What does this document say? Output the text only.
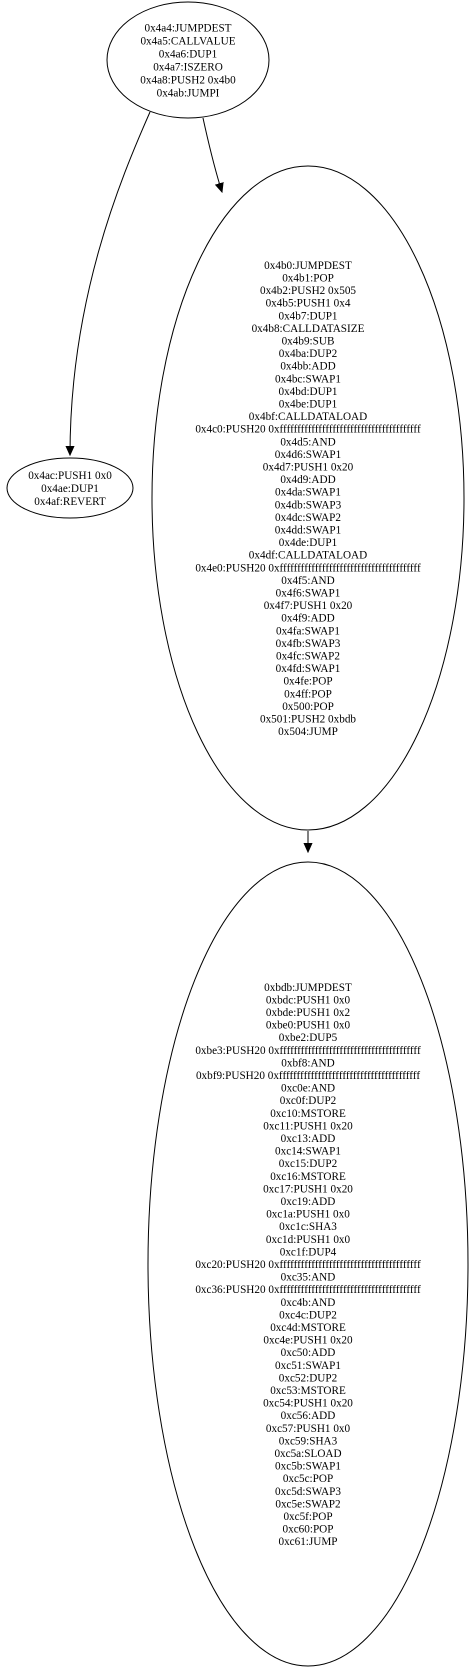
0x4a4:JUMPDEST 0x4a5:CALLVALUE 0x4a6:DUP1 0x4a7:ISZERO 0x4a8:PUSH2 0x4b0 0x4ab:JUMPI
0x4ac:PUSH1 0x0 0x4ae:DUP1 0x4af:REVERT
0x4b0:JUMPDEST 0x4b1:POP 0x4b2:PUSH2 0x505 0x4b5:PUSH1 0x4 0x4b7:DUP1 0x4b8:CALLDATASIZE 0x4b9:SUB 0x4ba:DUP2 0x4bb:ADD 0x4bc:SWAP1 0x4bd:DUP1 0x4be:DUP1 0x4bf:CALLDATALOAD 0x4c0:PUSH20 0xffffffffffffffffffffffffffffffffffffffff 0x4d5:AND 0x4d6:SWAP1 0x4d7:PUSH1 0x20 0x4d9:ADD 0x4da:SWAP1 0x4db:SWAP3 0x4dc:SWAP2 0x4dd:SWAP1 0x4de:DUP1 0x4df:CALLDATALOAD 0x4e0:PUSH20 0xffffffffffffffffffffffffffffffffffffffff 0x4f5:AND 0x4f6:SWAP1 0x4f7:PUSH1 0x20 0x4f9:ADD 0x4fa:SWAP1 0x4fb:SWAP3 0x4fc:SWAP2 0x4fd:SWAP1 0x4fe:POP 0x4ff:POP 0x500:POP 0x501:PUSH2 0xbdb 0x504:JUMP
0xbdb:JUMPDEST 0xbdc:PUSH1 0x0 0xbde:PUSH1 0x2 0xbe0:PUSH1 0x0 0xbe2:DUP5 0xbe3:PUSH20 0xffffffffffffffffffffffffffffffffffffffff 0xbf8:AND 0xbf9:PUSH20 0xffffffffffffffffffffffffffffffffffffffff 0xc0e:AND 0xc0f:DUP2 0xc10:MSTORE 0xc11:PUSH1 0x20 0xc13:ADD 0xc14:SWAP1 0xc15:DUP2 0xc16:MSTORE 0xc17:PUSH1 0x20 0xc19:ADD 0xc1a:PUSH1 0x0 0xc1c:SHA3 0xc1d:PUSH1 0x0 0xc1f:DUP4 0xc20:PUSH20 0xffffffffffffffffffffffffffffffffffffffff 0xc35:AND 0xc36:PUSH20 0xffffffffffffffffffffffffffffffffffffffff 0xc4b:AND 0xc4c:DUP2 0xc4d:MSTORE 0xc4e:PUSH1 0x20 0xc50:ADD 0xc51:SWAP1 0xc52:DUP2 0xc53:MSTORE 0xc54:PUSH1 0x20 0xc56:ADD 0xc57:PUSH1 0x0 0xc59:SHA3 0xc5a:SLOAD 0xc5b:SWAP1 0xc5c:POP 0xc5d:SWAP3 0xc5e:SWAP2 0xc5f:POP 0xc60:POP 0xc61:JUMP
